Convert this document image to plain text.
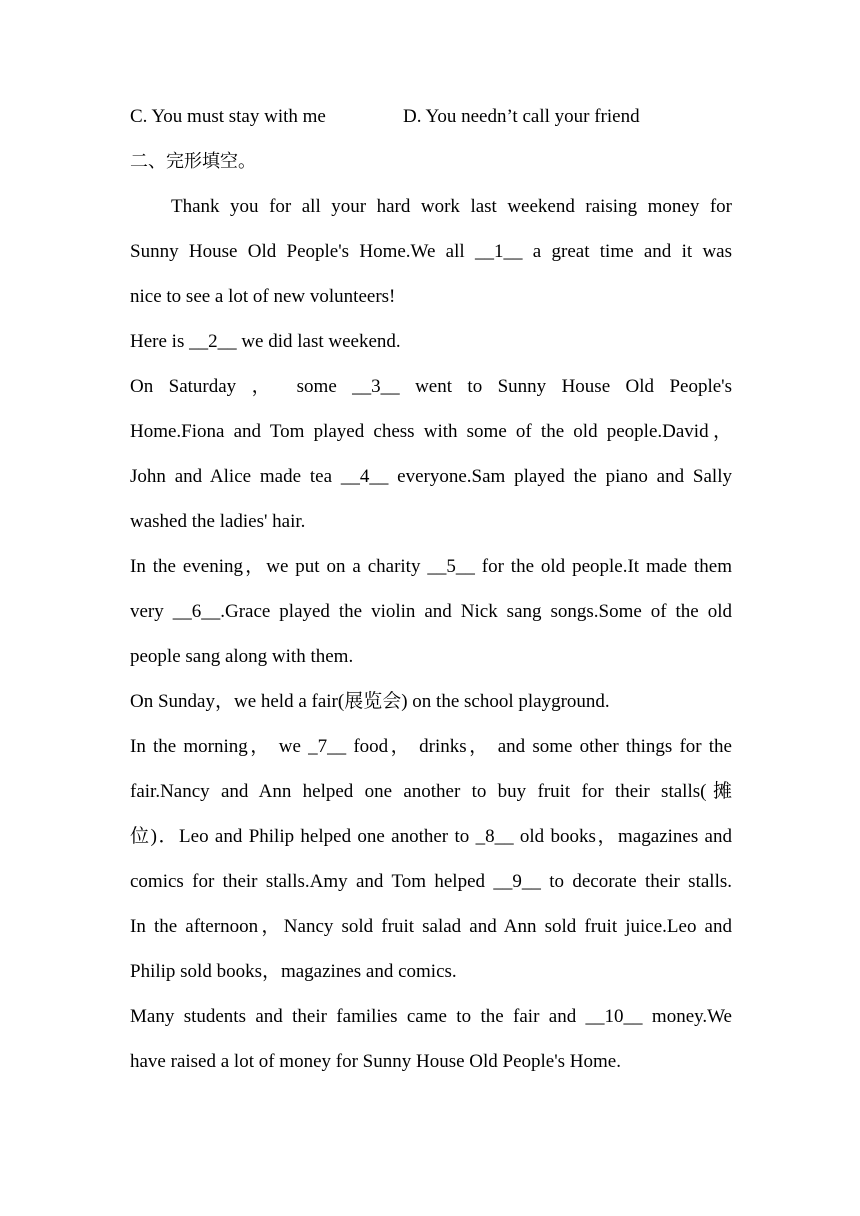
C. You must stay with me	D. You needn’t call your friend
二、完形填空。
Thank you for all your hard work last weekend raising money for
Sunny House Old People's Home.We all __1__ a great time and it was
nice to see a lot of new volunteers!
Here is __2__ we did last weekend.
On Saturday ， some __3__ went to Sunny House Old People's
Home.Fiona and Tom played chess with some of the old people.David，
John and Alice made tea __4__ everyone.Sam played the piano and Sally
washed the ladies' hair.
In the evening，we put on a charity __5__ for the old people.It made them
very __6__.Grace played the violin and Nick sang songs.Some of the old
people sang along with them.
On Sunday，we held a fair(展览会) on the school playground.
In the morning， we _7__ food， drinks， and some other things for the
fair.Nancy and Ann helped one another to buy fruit for their stalls(摊
位)．Leo and Philip helped one another to _8__ old books，magazines and
comics for their stalls.Amy and Tom helped __9__ to decorate their stalls.
In the afternoon，Nancy sold fruit salad and Ann sold fruit juice.Leo and
Philip sold books，magazines and comics.
Many students and their families came to the fair and __10__ money.We
have raised a lot of money for Sunny House Old People's Home.
